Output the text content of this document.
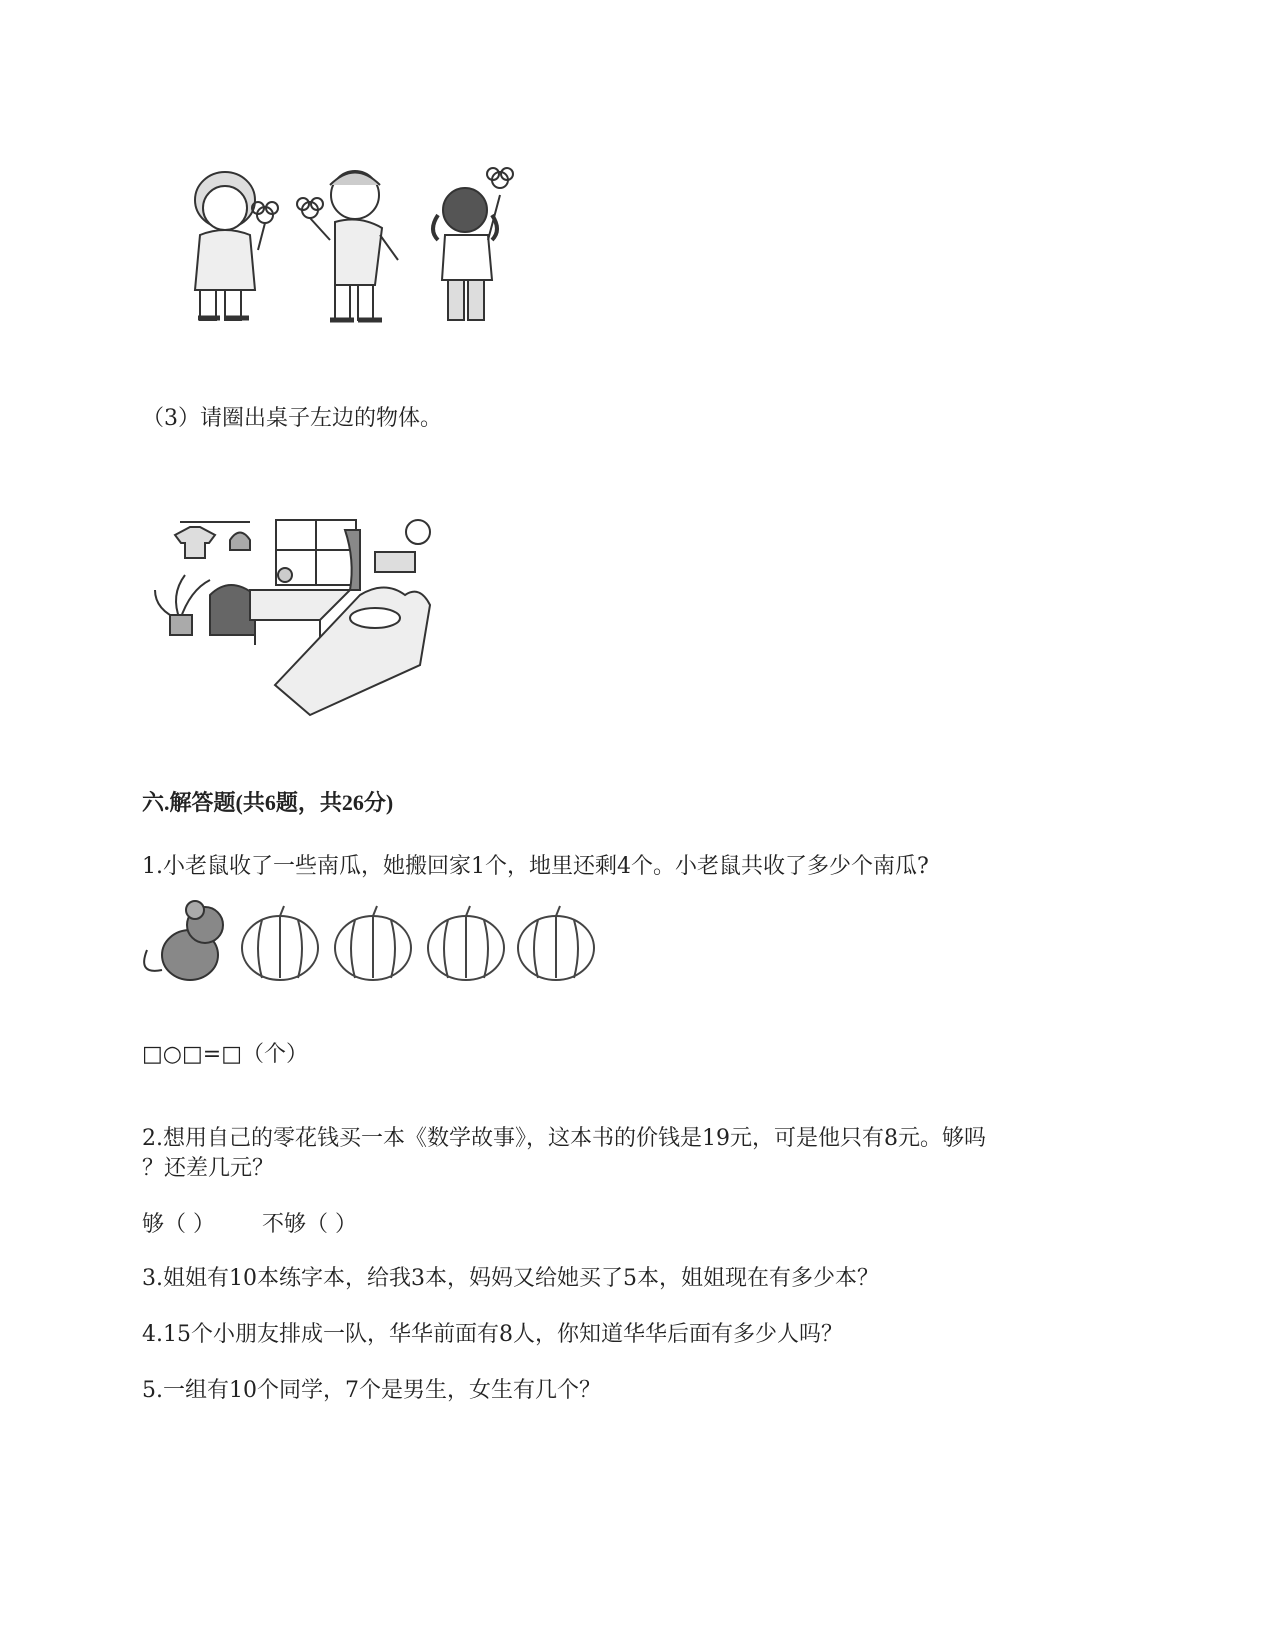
（3）请圈出桌子左边的物体。
六.解答题(共6题，共26分)
1.小老鼠收了一些南瓜，她搬回家1个，地里还剩4个。小老鼠共收了多少个南瓜?
□○□=□（个）
2.想用自己的零花钱买一本《数学故事》，这本书的价钱是19元，可是他只有8元。够吗
？还差几元？
够（ ） 不够（ ）
3.姐姐有10本练字本，给我3本，妈妈又给她买了5本，姐姐现在有多少本？
4.15个小朋友排成一队，华华前面有8人，你知道华华后面有多少人吗？
5.一组有10个同学，7个是男生，女生有几个？
